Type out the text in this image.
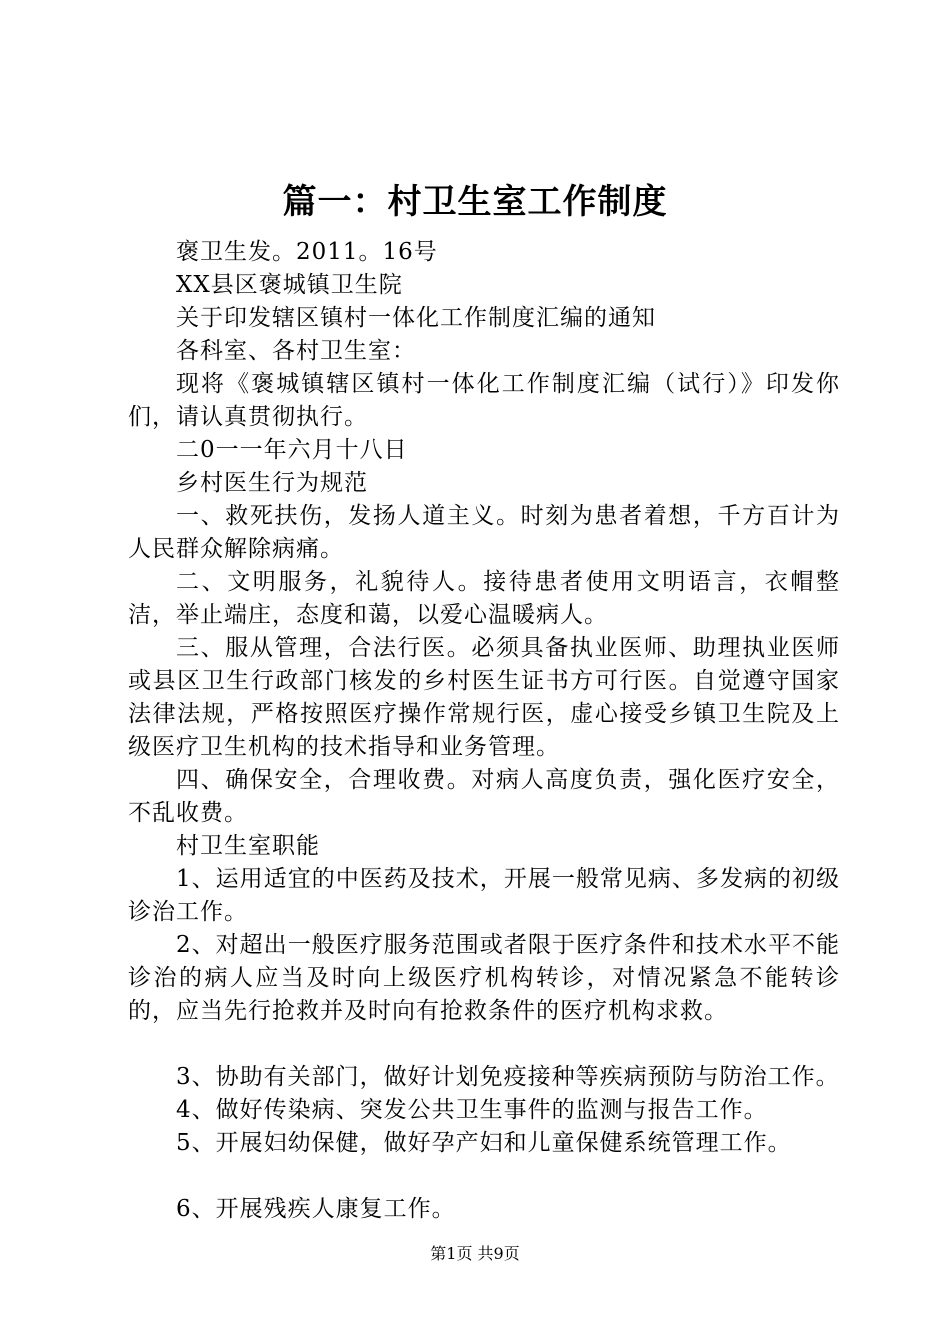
篇一：村卫生室工作制度

褒卫生发。2011。16号

XX县区褒城镇卫生院

关于印发辖区镇村一体化工作制度汇编的通知

各科室、各村卫生室：

现将《褒城镇辖区镇村一体化工作制度汇编（试行）》印发你们，请认真贯彻执行。

二0一一年六月十八日

乡村医生行为规范

一、救死扶伤，发扬人道主义。时刻为患者着想，千方百计为人民群众解除病痛。

二、文明服务，礼貌待人。接待患者使用文明语言，衣帽整洁，举止端庄，态度和蔼，以爱心温暖病人。

三、服从管理，合法行医。必须具备执业医师、助理执业医师或县区卫生行政部门核发的乡村医生证书方可行医。自觉遵守国家法律法规，严格按照医疗操作常规行医，虚心接受乡镇卫生院及上级医疗卫生机构的技术指导和业务管理。

四、确保安全，合理收费。对病人高度负责，强化医疗安全，不乱收费。

村卫生室职能

1、运用适宜的中医药及技术，开展一般常见病、多发病的初级诊治工作。

2、对超出一般医疗服务范围或者限于医疗条件和技术水平不能诊治的病人应当及时向上级医疗机构转诊，对情况紧急不能转诊的，应当先行抢救并及时向有抢救条件的医疗机构求救。

3、协助有关部门，做好计划免疫接种等疾病预防与防治工作。

4、做好传染病、突发公共卫生事件的监测与报告工作。

5、开展妇幼保健，做好孕产妇和儿童保健系统管理工作。

6、开展残疾人康复工作。

第1页 共9页
